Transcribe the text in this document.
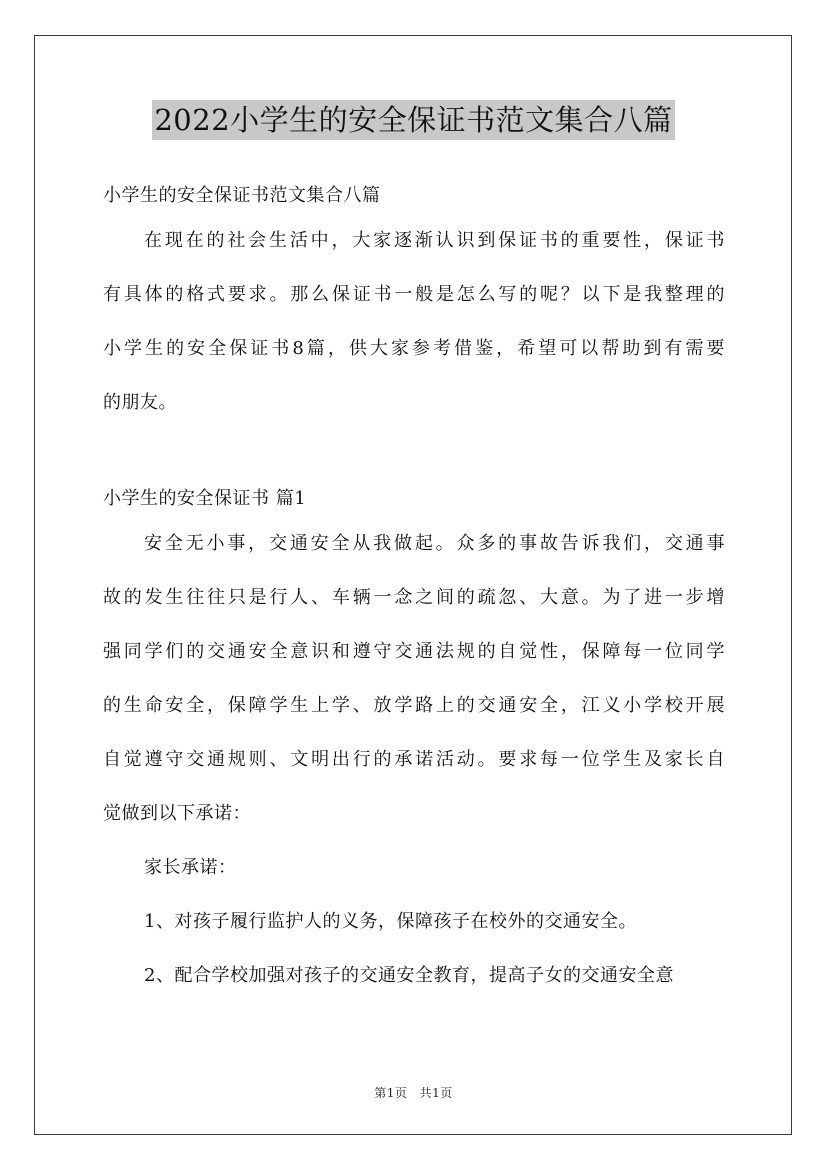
2022小学生的安全保证书范文集合八篇
小学生的安全保证书范文集合八篇
在现在的社会生活中，大家逐渐认识到保证书的重要性，保证书
有具体的格式要求。那么保证书一般是怎么写的呢？以下是我整理的
小学生的安全保证书8篇，供大家参考借鉴，希望可以帮助到有需要
的朋友。
小学生的安全保证书 篇1
安全无小事，交通安全从我做起。众多的事故告诉我们，交通事
故的发生往往只是行人、车辆一念之间的疏忽、大意。为了进一步增
强同学们的交通安全意识和遵守交通法规的自觉性，保障每一位同学
的生命安全，保障学生上学、放学路上的交通安全，江义小学校开展
自觉遵守交通规则、文明出行的承诺活动。要求每一位学生及家长自
觉做到以下承诺：
家长承诺：
1、对孩子履行监护人的义务，保障孩子在校外的交通安全。
2、配合学校加强对孩子的交通安全教育，提高子女的交通安全意
第1页 共1页
